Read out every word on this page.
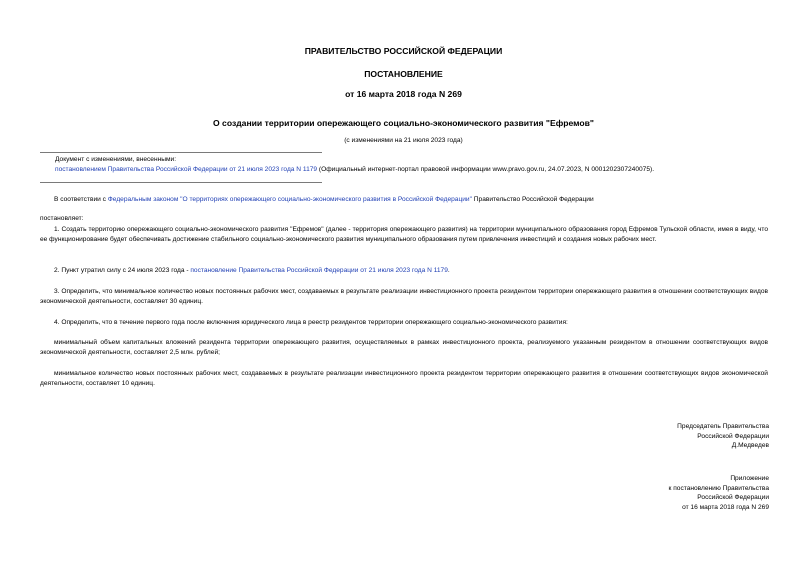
ПРАВИТЕЛЬСТВО РОССИЙСКОЙ ФЕДЕРАЦИИ
ПОСТАНОВЛЕНИЕ
от 16 марта 2018 года N 269
О создании территории опережающего социально-экономического развития "Ефремов"
(с изменениями на 21 июля 2023 года)
Документ с изменениями, внесенными:
постановлением Правительства Российской Федерации от 21 июля 2023 года N 1179 (Официальный интернет-портал правовой информации www.pravo.gov.ru, 24.07.2023, N 0001202307240075).
В соответствии с Федеральным законом "О территориях опережающего социально-экономического развития в Российской Федерации" Правительство Российской Федерации
постановляет:
1. Создать территорию опережающего социально-экономического развития "Ефремов" (далее - территория опережающего развития) на территории муниципального образования город Ефремов Тульской области, имея в виду, что ее функционирование будет обеспечивать достижение стабильного социально-экономического развития муниципального образования путем привлечения инвестиций и создания новых рабочих мест.
2. Пункт утратил силу с 24 июля 2023 года - постановление Правительства Российской Федерации от 21 июля 2023 года N 1179.
3. Определить, что минимальное количество новых постоянных рабочих мест, создаваемых в результате реализации инвестиционного проекта резидентом территории опережающего развития в отношении соответствующих видов экономической деятельности, составляет 30 единиц.
4. Определить, что в течение первого года после включения юридического лица в реестр резидентов территории опережающего социально-экономического развития:
минимальный объем капитальных вложений резидента территории опережающего развития, осуществляемых в рамках инвестиционного проекта, реализуемого указанным резидентом в отношении соответствующих видов экономической деятельности, составляет 2,5 млн. рублей;
минимальное количество новых постоянных рабочих мест, создаваемых в результате реализации инвестиционного проекта резидентом территории опережающего развития в отношении соответствующих видов экономической деятельности, составляет 10 единиц.
Председатель Правительства
Российской Федерации
Д.Медведев
Приложение
к постановлению Правительства
Российской Федерации
от 16 марта 2018 года N 269
